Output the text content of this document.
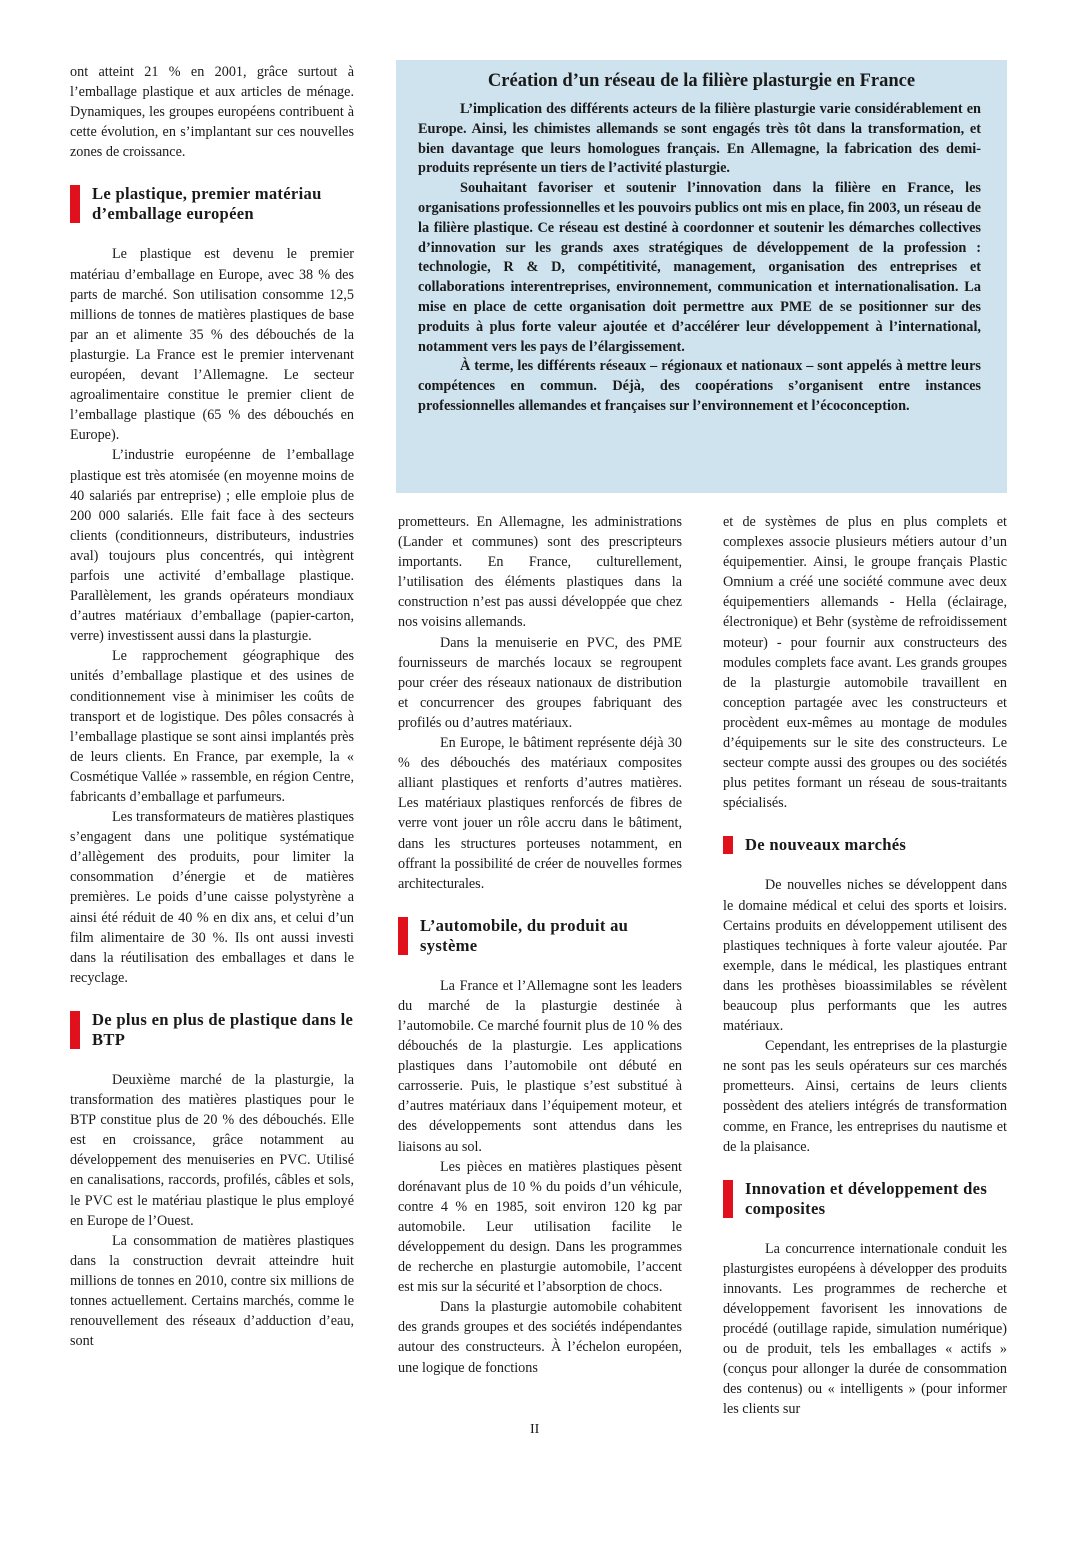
ont atteint 21 % en 2001, grâce surtout à l’emballage plastique et aux articles de ménage. Dynamiques, les groupes européens contribuent à cette évolution, en s’implantant sur ces nouvelles zones de croissance.

Le plastique, premier matériau d’emballage européen

Le plastique est devenu le premier matériau d’emballage en Europe, avec 38 % des parts de marché. Son utilisation consomme 12,5 millions de tonnes de matières plastiques de base par an et alimente 35 % des débouchés de la plasturgie. La France est le premier intervenant européen, devant l’Allemagne. Le secteur agroalimentaire constitue le premier client de l’emballage plastique (65 % des débouchés en Europe).

L’industrie européenne de l’emballage plastique est très atomisée (en moyenne moins de 40 salariés par entreprise) ; elle emploie plus de 200 000 salariés. Elle fait face à des secteurs clients (conditionneurs, distributeurs, industries aval) toujours plus concentrés, qui intègrent parfois une activité d’emballage plastique. Parallèlement, les grands opérateurs mondiaux d’autres matériaux d’emballage (papier-carton, verre) investissent aussi dans la plasturgie.

Le rapprochement géographique des unités d’emballage plastique et des usines de conditionnement vise à minimiser les coûts de transport et de logistique. Des pôles consacrés à l’emballage plastique se sont ainsi implantés près de leurs clients. En France, par exemple, la « Cosmétique Vallée » rassemble, en région Centre, fabricants d’emballage et parfumeurs.

Les transformateurs de matières plastiques s’engagent dans une politique systématique d’allègement des produits, pour limiter la consommation d’énergie et de matières premières. Le poids d’une caisse polystyrène a ainsi été réduit de 40 % en dix ans, et celui d’un film alimentaire de 30 %. Ils ont aussi investi dans la réutilisation des emballages et dans le recyclage.

De plus en plus de plastique dans le BTP

Deuxième marché de la plasturgie, la transformation des matières plastiques pour le BTP constitue plus de 20 % des débouchés. Elle est en croissance, grâce notamment au développement des menuiseries en PVC. Utilisé en canalisations, raccords, profilés, câbles et sols, le PVC est le matériau plastique le plus employé en Europe de l’Ouest.

La consommation de matières plastiques dans la construction devrait atteindre huit millions de tonnes en 2010, contre six millions de tonnes actuellement. Certains marchés, comme le renouvellement des réseaux d’adduction d’eau, sont

Création d’un réseau de la filière plasturgie en France

L’implication des différents acteurs de la filière plasturgie varie considérablement en Europe. Ainsi, les chimistes allemands se sont engagés très tôt dans la transformation, et bien davantage que leurs homologues français. En Allemagne, la fabrication des demi-produits représente un tiers de l’activité plasturgie.

Souhaitant favoriser et soutenir l’innovation dans la filière en France, les organisations professionnelles et les pouvoirs publics ont mis en place, fin 2003, un réseau de la filière plastique. Ce réseau est destiné à coordonner et soutenir les démarches collectives d’innovation sur les grands axes stratégiques de développement de la profession : technologie, R & D, compétitivité, management, organisation des entreprises et collaborations interentreprises, environnement, communication et internationalisation. La mise en place de cette organisation doit permettre aux PME de se positionner sur des produits à plus forte valeur ajoutée et d’accélérer leur développement à l’international, notamment vers les pays de l’élargissement.

À terme, les différents réseaux – régionaux et nationaux – sont appelés à mettre leurs compétences en commun. Déjà, des coopérations s’organisent entre instances professionnelles allemandes et françaises sur l’environnement et l’écoconception.

prometteurs. En Allemagne, les administrations (Lander et communes) sont des prescripteurs importants. En France, culturellement, l’utilisation des éléments plastiques dans la construction n’est pas aussi développée que chez nos voisins allemands.

Dans la menuiserie en PVC, des PME fournisseurs de marchés locaux se regroupent pour créer des réseaux nationaux de distribution et concurrencer des groupes fabriquant des profilés ou d’autres matériaux.

En Europe, le bâtiment représente déjà 30 % des débouchés des matériaux composites alliant plastiques et renforts d’autres matières. Les matériaux plastiques renforcés de fibres de verre vont jouer un rôle accru dans le bâtiment, dans les structures porteuses notamment, en offrant la possibilité de créer de nouvelles formes architecturales.

L’automobile, du produit au système

La France et l’Allemagne sont les leaders du marché de la plasturgie destinée à l’automobile. Ce marché fournit plus de 10 % des débouchés de la plasturgie. Les applications plastiques dans l’automobile ont débuté en carrosserie. Puis, le plastique s’est substitué à d’autres matériaux dans l’équipement moteur, et des développements sont attendus dans les liaisons au sol.

Les pièces en matières plastiques pèsent dorénavant plus de 10 % du poids d’un véhicule, contre 4 % en 1985, soit environ 120 kg par automobile. Leur utilisation facilite le développement du design. Dans les programmes de recherche en plasturgie automobile, l’accent est mis sur la sécurité et l’absorption de chocs.

Dans la plasturgie automobile cohabitent des grands groupes et des sociétés indépendantes autour des constructeurs. À l’échelon européen, une logique de fonctions

et de systèmes de plus en plus complets et complexes associe plusieurs métiers autour d’un équipementier. Ainsi, le groupe français Plastic Omnium a créé une société commune avec deux équipementiers allemands - Hella (éclairage, électronique) et Behr (système de refroidissement moteur) - pour fournir aux constructeurs des modules complets face avant. Les grands groupes de la plasturgie automobile travaillent en conception partagée avec les constructeurs et procèdent eux-mêmes au montage de modules d’équipements sur le site des constructeurs. Le secteur compte aussi des groupes ou des sociétés plus petites formant un réseau de sous-traitants spécialisés.

De nouveaux marchés

De nouvelles niches se développent dans le domaine médical et celui des sports et loisirs. Certains produits en développement utilisent des plastiques techniques à forte valeur ajoutée. Par exemple, dans le médical, les plastiques entrant dans les prothèses bioassimilables se révèlent beaucoup plus performants que les autres matériaux.

Cependant, les entreprises de la plasturgie ne sont pas les seuls opérateurs sur ces marchés prometteurs. Ainsi, certains de leurs clients possèdent des ateliers intégrés de transformation comme, en France, les entreprises du nautisme et de la plaisance.

Innovation et développement des composites

La concurrence internationale conduit les plasturgistes européens à développer des produits innovants. Les programmes de recherche et développement favorisent les innovations de procédé (outillage rapide, simulation numérique) ou de produit, tels les emballages « actifs » (conçus pour allonger la durée de consommation des contenus) ou « intelligents » (pour informer les clients sur

II
